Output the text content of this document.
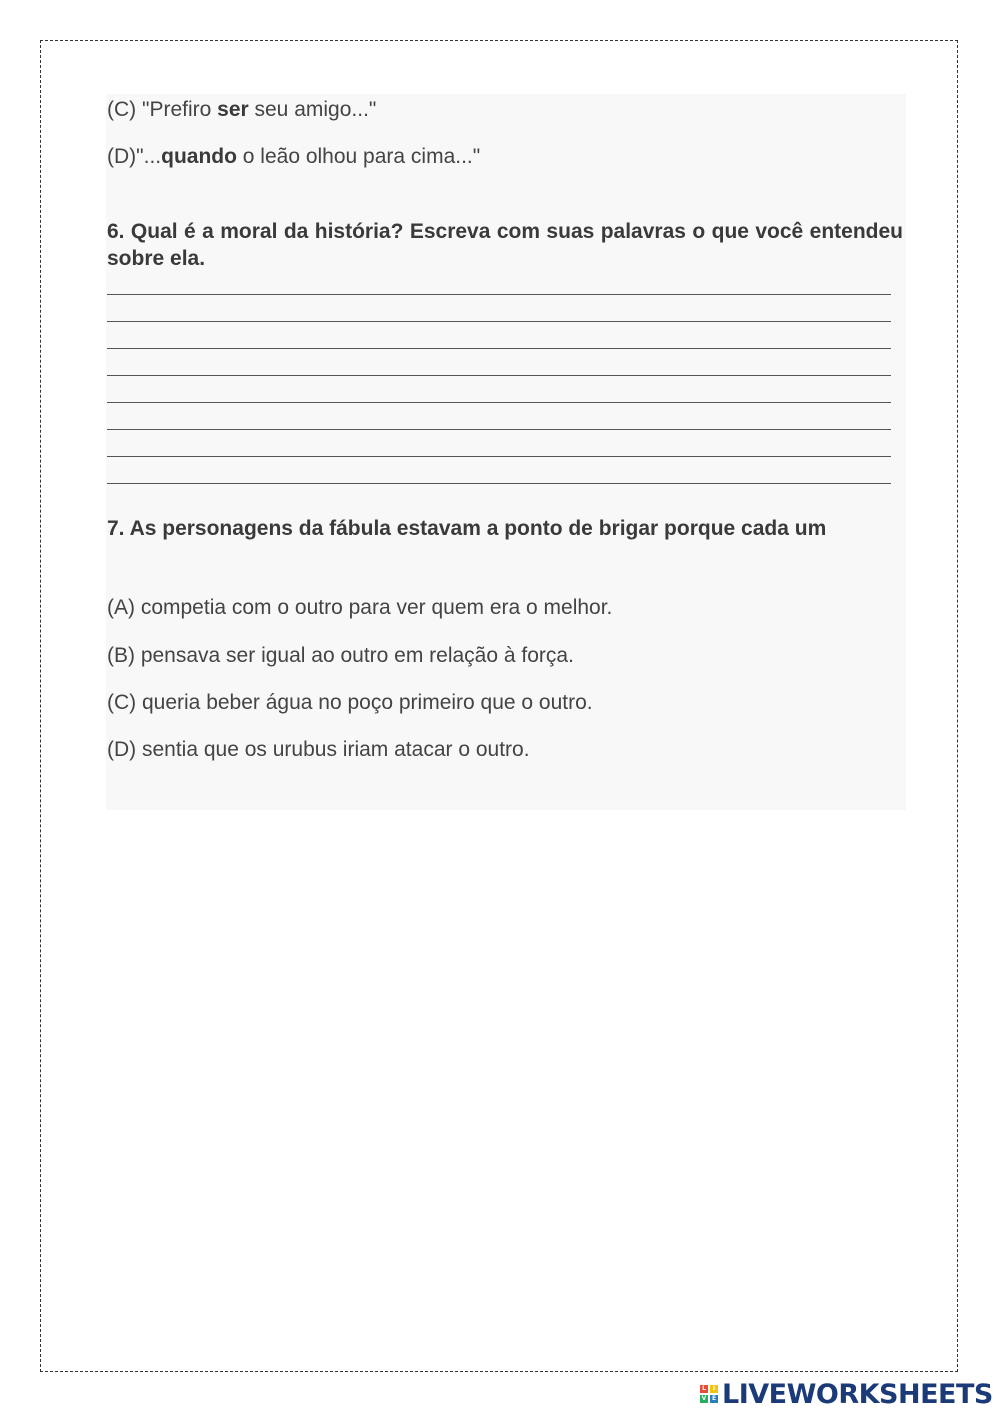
(C) "Prefiro ser seu amigo..."
(D)"...quando o leão olhou para cima..."
6. Qual é a moral da história? Escreva com suas palavras o que você entendeu sobre ela.
7. As personagens da fábula estavam a ponto de brigar porque cada um
(A) competia com o outro para ver quem era o melhor.
(B) pensava ser igual ao outro em relação à força.
(C) queria beber água no poço primeiro que o outro.
(D) sentia que os urubus iriam atacar o outro.
L	I
V E LIVEWORKSHEETS
